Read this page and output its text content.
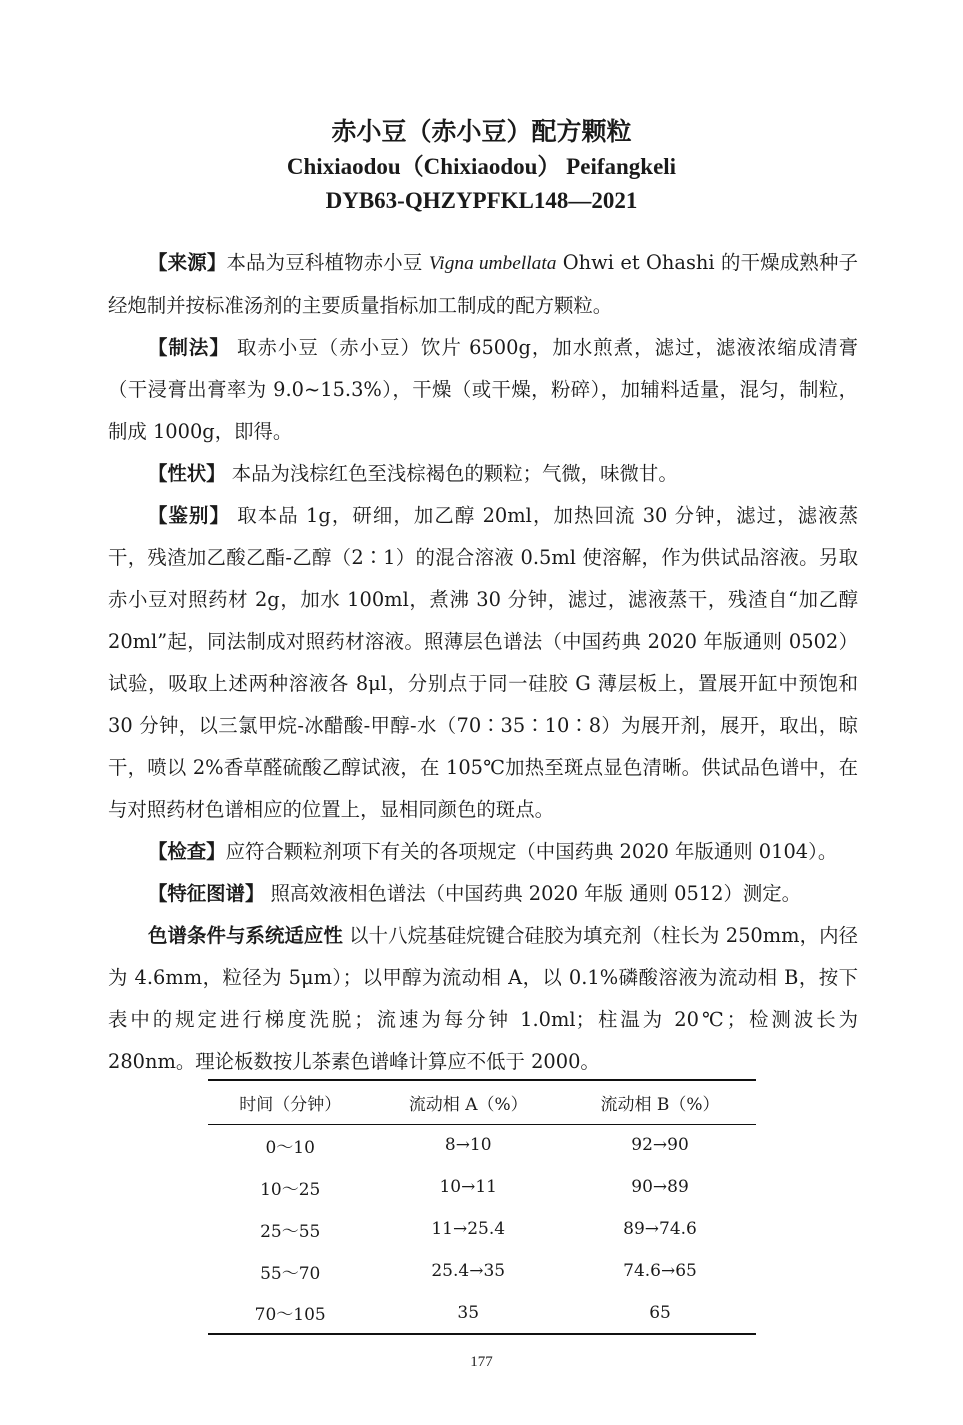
赤小豆（赤小豆）配方颗粒
Chixiaodou（Chixiaodou） Peifangkeli
DYB63-QHZYPFKL148—2021

【来源】本品为豆科植物赤小豆 Vigna umbellata Ohwi et Ohashi 的干燥成熟种子经炮制并按标准汤剂的主要质量指标加工制成的配方颗粒。

【制法】 取赤小豆（赤小豆）饮片 6500g，加水煎煮，滤过，滤液浓缩成清膏（干浸膏出膏率为 9.0~15.3%），干燥（或干燥，粉碎），加辅料适量，混匀，制粒，制成 1000g，即得。

【性状】 本品为浅棕红色至浅棕褐色的颗粒；气微，味微甘。

【鉴别】 取本品 1g，研细，加乙醇 20ml，加热回流 30 分钟，滤过，滤液蒸干，残渣加乙酸乙酯-乙醇（2∶1）的混合溶液 0.5ml 使溶解，作为供试品溶液。另取赤小豆对照药材 2g，加水 100ml，煮沸 30 分钟，滤过，滤液蒸干，残渣自“加乙醇 20ml”起，同法制成对照药材溶液。照薄层色谱法（中国药典 2020 年版通则 0502）试验，吸取上述两种溶液各 8μl，分别点于同一硅胶 G 薄层板上，置展开缸中预饱和 30 分钟，以三氯甲烷-冰醋酸-甲醇-水（70∶35∶10∶8）为展开剂，展开，取出，晾干，喷以 2%香草醛硫酸乙醇试液，在 105℃加热至斑点显色清晰。供试品色谱中，在与对照药材色谱相应的位置上，显相同颜色的斑点。

【检查】应符合颗粒剂项下有关的各项规定（中国药典 2020 年版通则 0104）。

【特征图谱】 照高效液相色谱法（中国药典 2020 年版 通则 0512）测定。

色谱条件与系统适应性 以十八烷基硅烷键合硅胶为填充剂（柱长为 250mm，内径为 4.6mm，粒径为 5μm）；以甲醇为流动相 A，以 0.1%磷酸溶液为流动相 B，按下表中的规定进行梯度洗脱；流速为每分钟 1.0ml；柱温为 20℃；检测波长为 280nm。理论板数按儿茶素色谱峰计算应不低于 2000。

时间（分钟）	流动相 A（%）	流动相 B（%）
0～10	8→10	92→90
10～25	10→11	90→89
25～55	11→25.4	89→74.6
55～70	25.4→35	74.6→65
70～105	35	65
177
